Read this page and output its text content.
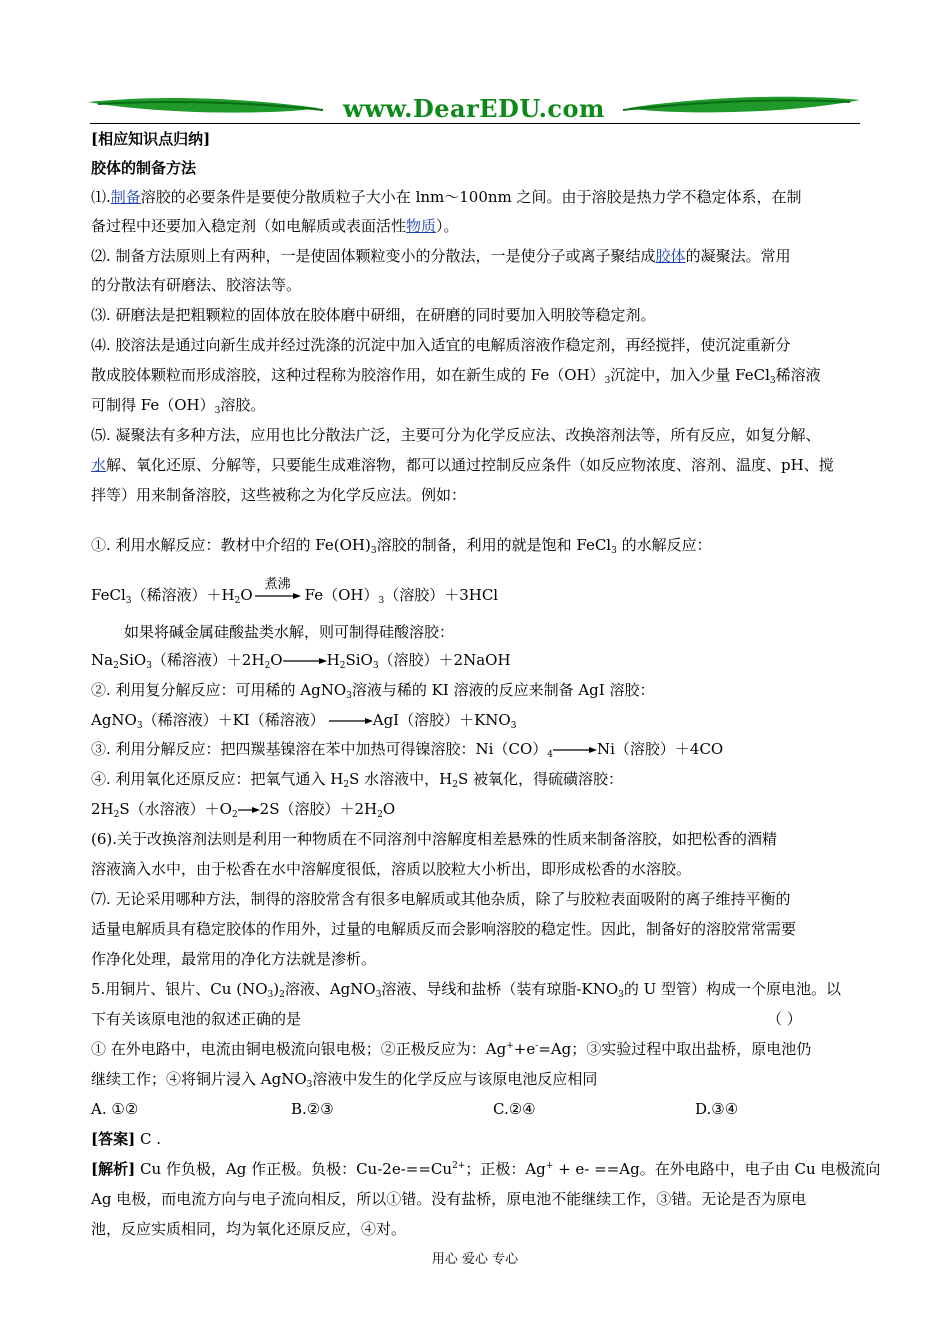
www.DearEDU.com
[相应知识点归纳]
胶体的制备方法
⑴.制备溶胶的必要条件是要使分散质粒子大小在 lnm～100nm 之间。由于溶胶是热力学不稳定体系，在制
备过程中还要加入稳定剂（如电解质或表面活性物质）。
⑵. 制备方法原则上有两种，一是使固体颗粒变小的分散法，一是使分子或离子聚结成胶体的凝聚法。常用
的分散法有研磨法、胶溶法等。
⑶. 研磨法是把粗颗粒的固体放在胶体磨中研细，在研磨的同时要加入明胶等稳定剂。
⑷. 胶溶法是通过向新生成并经过洗涤的沉淀中加入适宜的电解质溶液作稳定剂，再经搅拌，使沉淀重新分
散成胶体颗粒而形成溶胶，这种过程称为胶溶作用，如在新生成的 $Fe(OH)_3$沉淀中，加入少量 FeCl$_3$稀溶液
可制得 $Fe(OH)_3$溶胶。
⑸. 凝聚法有多种方法，应用也比分散法广泛，主要可分为化学反应法、改换溶剂法等，所有反应，如复分解、
水解、氧化还原、分解等，只要能生成难溶物，都可以通过控制反应条件（如反应物浓度、溶剂、温度、pH、搅
拌等）用来制备溶胶，这些被称之为化学反应法。例如：
①. 利用水解反应：教材中介绍的 $Fe(OH)_3$溶胶的制备，利用的就是饱和 FeCl$_3$ 的水解反应：
FeCl$_3$（稀溶液）$+H_2O$
煮沸
$Fe(OH)_3$（溶胶）＋3HCl
如果将碱金属硅酸盐类水解，则可制得硅酸溶胶：
$Na_2SiO_3$（稀溶液）$+2H_2O\to H_2SiO_3$（溶胶）＋2NaOH
②. 利用复分解反应：可用稀的 AgNO$_3$溶液与稀的 KI 溶液的反应来制备 AgI 溶胶：
AgNO$_3$（稀溶液）＋KI（稀溶液） →AgI（溶胶）$+KNO_3$
③. 利用分解反应：把四羰基镍溶在苯中加热可得镍溶胶：$Ni(CO)_4\to Ni$（溶胶）＋4CO
④. 利用氧化还原反应：把氧气通入 $H_2S$ 水溶液中，$H_2S$ 被氧化，得硫磺溶胶：
$2H_2S$（水溶液）$+O_2\to 2S$（溶胶）$+2H_2O$
(6).关于改换溶剂法则是利用一种物质在不同溶剂中溶解度相差悬殊的性质来制备溶胶，如把松香的酒精
溶液滴入水中，由于松香在水中溶解度很低，溶质以胶粒大小析出，即形成松香的水溶胶。
⑺. 无论采用哪种方法，制得的溶胶常含有很多电解质或其他杂质，除了与胶粒表面吸附的离子维持平衡的
适量电解质具有稳定胶体的作用外，过量的电解质反而会影响溶胶的稳定性。因此，制备好的溶胶常常需要
作净化处理，最常用的净化方法就是渗析。
5.用铜片、银片、Cu $(NO_3)_2$溶液、AgNO$_3$溶液、导线和盐桥（装有琼脂$-KNO_3$的 U 型管）构成一个原电池。以
下有关该原电池的叙述正确的是	（ ）
① 在外电路中，电流由铜电极流向银电极；②正极反应为：Ag++e-=Ag；③实验过程中取出盐桥，原电池仍
继续工作；④将铜片浸入 AgNO$_3$溶液中发生的化学反应与该原电池反应相同
A. ①②	B.②③	C.②④	D.③④
[答案] C .
[解析] Cu 作负极，Ag 作正极。负极：$Cu-2e-==Cu^{2+}$；正极：Ag+ + e- ==Ag。在外电路中，电子由 Cu 电极流向
Ag 电极，而电流方向与电子流向相反，所以①错。没有盐桥，原电池不能继续工作，③错。无论是否为原电
池，反应实质相同，均为氧化还原反应，④对。
用心 爱心 专心
